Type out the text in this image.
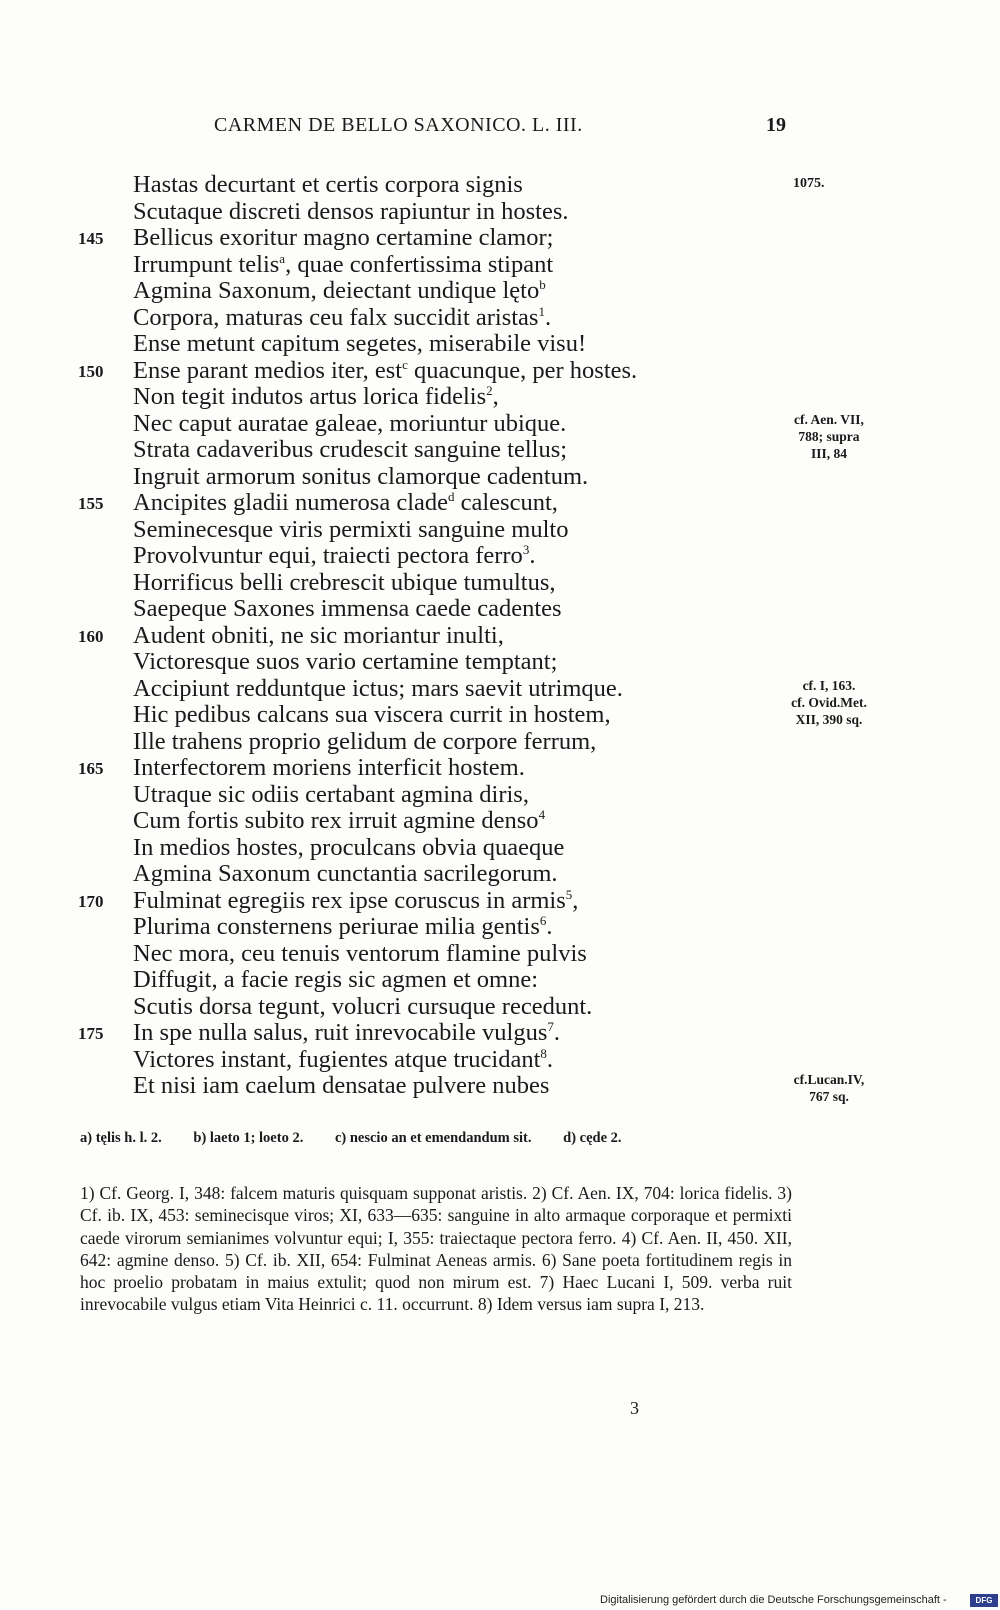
CARMEN DE BELLO SAXONICO. L. III.	19
1075.
Hastas decurtant et certis corpora signis
Scutaque discreti densos rapiuntur in hostes.
145	Bellicus exoritur magno certamine clamor;
Irrumpunt telis$^a$, quae confertissima stipant
Agmina Saxonum, deiectant undique lęto$^b$
Corpora, maturas ceu falx succidit aristas$^1$.
Ense metunt capitum segetes, miserabile visu!
150	Ense parant medios iter, est$^c$ quacunque, per hostes.
Non tegit indutos artus lorica fidelis$^2$,
Nec caput auratae galeae, moriuntur ubique.
Strata cadaveribus crudescit sanguine tellus;
Ingruit armorum sonitus clamorque cadentum.
155	Ancipites gladii numerosa clade$^d$ calescunt,
Seminecesque viris permixti sanguine multo
Provolvuntur equi, traiecti pectora ferro$^3$.
Horrificus belli crebrescit ubique tumultus,
Saepeque Saxones immensa caede cadentes
160	Audent obniti, ne sic moriantur inulti,
Victoresque suos vario certamine temptant;
Accipiunt redduntque ictus; mars saevit utrimque.
Hic pedibus calcans sua viscera currit in hostem,
Ille trahens proprio gelidum de corpore ferrum,
165	Interfectorem moriens interficit hostem.
Utraque sic odiis certabant agmina diris,
Cum fortis subito rex irruit agmine denso$^4$
In medios hostes, proculcans obvia quaeque
Agmina Saxonum cunctantia sacrilegorum.
170	Fulminat egregiis rex ipse coruscus in armis$^5$,
Plurima consternens periurae milia gentis$^6$.
Nec mora, ceu tenuis ventorum flamine pulvis
Diffugit, a facie regis sic agmen et omne:
Scutis dorsa tegunt, volucri cursuque recedunt.
175	In spe nulla salus, ruit inrevocabile vulgus$^7$.
Victores instant, fugientes atque trucidant$^8$.
Et nisi iam caelum densatae pulvere nubes
cf. Aen. VII,
788; supra
III, 84
cf. I, 163.
cf. Ovid.Met.
XII, 390 sq.
cf.Lucan.IV,
767 sq.
a) tęlis h. l. 2. b) laeto 1; loeto 2. c) nescio an et emendandum sit. d) cęde 2.
1) Cf. Georg. I, 348: falcem maturis quisquam supponat aristis. 2) Cf. Aen. IX, 704: lorica fidelis. 3) Cf. ib. IX, 453: seminecisque viros; XI, 633—635: sanguine in alto armaque corporaque et permixti caede virorum semianimes volvuntur equi; I, 355: traiectaque pectora ferro. 4) Cf. Aen. II, 450. XII, 642: agmine denso. 5) Cf. ib. XII, 654: Fulminat Aeneas armis. 6) Sane poeta fortitudinem regis in hoc proelio probatam in maius extulit; quod non mirum est. 7) Haec Lucani I, 509. verba ruit inrevocabile vulgus etiam Vita Heinrici c. 11. occurrunt. 8) Idem versus iam supra I, 213.
3
Digitalisierung gefördert durch die Deutsche Forschungsgemeinschaft -	DFG
